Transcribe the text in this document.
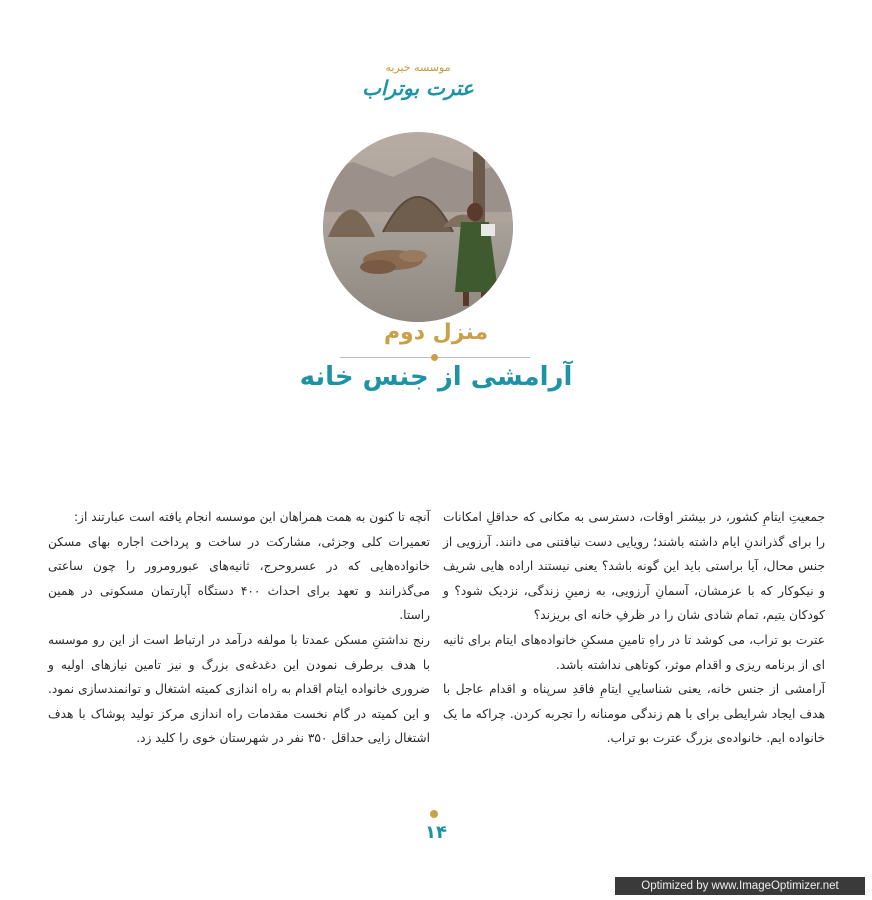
موسسه خیریه
عترت بوتراب
منزل دوم
آرامشی از جنس خانه

جمعیتِ ایتامِ کشور، در بیشتر اوقات، دسترسی به مکانی که حداقلِ امکانات را برای گذراندنِ ایام داشته باشند؛ رویایی دست نیافتنی می دانند. آرزویی از جنس محال، آیا براستی باید این گونه باشد؟ یعنی نیستند اراده هایی شریف و نیکوکار که با عزمشان، آسمانِ آرزویی، به زمینِ زندگی، نزدیک شود؟ و کودکان یتیم، تمام شادی شان را در ظرفِ خانه ای بریزند؟

عترت بو تراب، می کوشد تا در راهِ تامینِ مسکنِ خانواده‌های ایتام برای ثانیه ای از برنامه ریزی و اقدام موثر، کوتاهی نداشته باشد.

آرامشی از جنس خانه، یعنی شناساییِ ایتامِ فاقدِ سرپناه و اقدام عاجل با هدف ایجاد شرایطی برای با هم زندگی مومنانه را تجربه کردن. چراکه ما یک خانواده ایم. خانواده‌ی بزرگ عترت بو تراب.

آنچه تا کنون به همت همراهان این موسسه انجام یافته است عبارتند از:

تعمیرات کلی وجزئی، مشارکت در ساخت و پرداخت اجاره بهای مسکن خانواده‌هایی که در عسروحرج، ثانیه‌های عبورومرور را چون ساعتی می‌گذرانند و تعهد برای احداث ۴۰۰ دستگاه آپارتمان مسکونی در همین راستا.

رنج نداشتنِ مسکن عمدتا با مولفه درآمد در ارتباط است از این رو موسسه با هدف برطرف نمودن این دغدغه‌ی بزرگ و نیز تامین نیازهای اولیه و ضروری خانواده ایتام اقدام به راه اندازی کمیته اشتغال و توانمندسازی نمود. و این کمیته در گام نخست مقدمات راه اندازی مرکز تولید پوشاک با هدف اشتغال زایی حداقل ۳۵۰ نفر در شهرستان خوی را کلید زد.

۱۴
Optimized by www.ImageOptimizer.net
